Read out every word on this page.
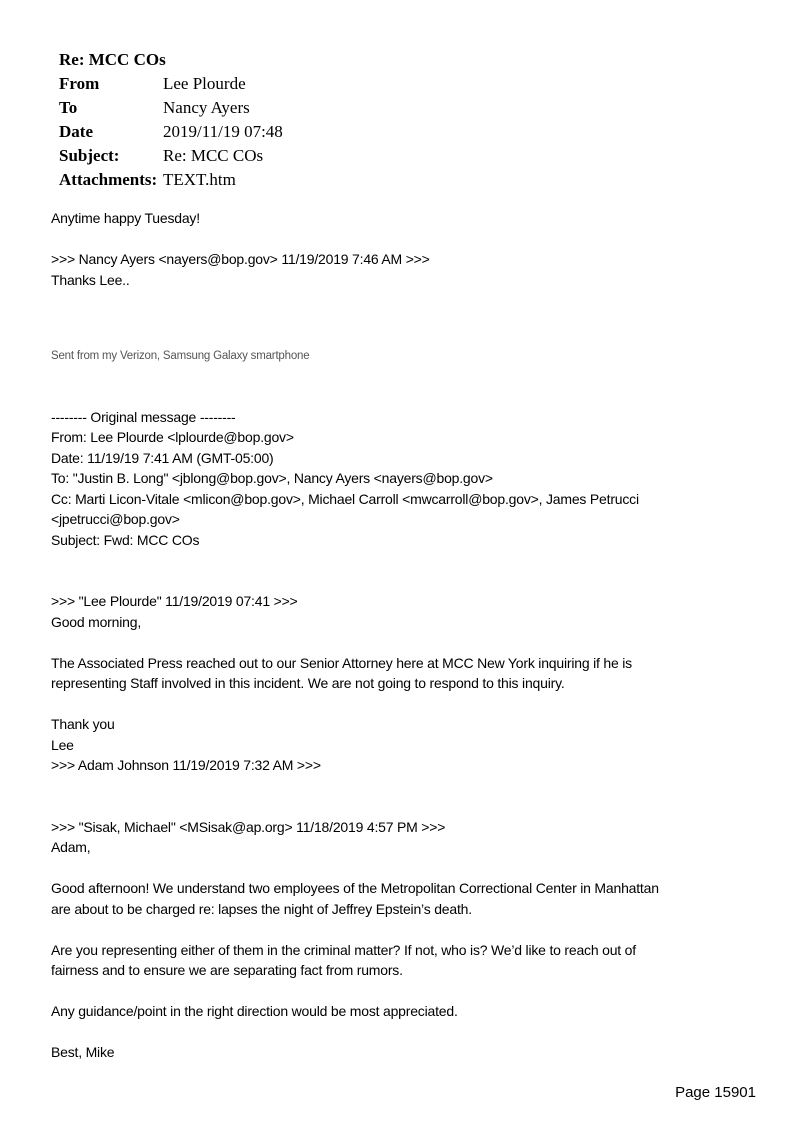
Re: MCC COs
From	Lee Plourde
To	Nancy Ayers
Date	2019/11/19 07:48
Subject:	Re: MCC COs
Attachments: TEXT.htm

Anytime happy Tuesday!

>>> Nancy Ayers <nayers@bop.gov> 11/19/2019 7:46 AM >>>

Thanks Lee..

Sent from my Verizon, Samsung Galaxy smartphone

-------- Original message --------

From: Lee Plourde <lplourde@bop.gov>

Date: 11/19/19 7:41 AM (GMT-05:00)

To: "Justin B. Long" <jblong@bop.gov>, Nancy Ayers <nayers@bop.gov>

Cc: Marti Licon-Vitale <mlicon@bop.gov>, Michael Carroll <mwcarroll@bop.gov>, James Petrucci

<jpetrucci@bop.gov>

Subject: Fwd: MCC COs

>>> "Lee Plourde" 11/19/2019 07:41 >>>

Good morning,

The Associated Press reached out to our Senior Attorney here at MCC New York inquiring if he is

representing Staff involved in this incident. We are not going to respond to this inquiry.

Thank you

Lee

>>> Adam Johnson 11/19/2019 7:32 AM >>>

>>> "Sisak, Michael" <MSisak@ap.org> 11/18/2019 4:57 PM >>>

Adam,

Good afternoon! We understand two employees of the Metropolitan Correctional Center in Manhattan

are about to be charged re: lapses the night of Jeffrey Epstein’s death.

Are you representing either of them in the criminal matter? If not, who is? We’d like to reach out of

fairness and to ensure we are separating fact from rumors.

Any guidance/point in the right direction would be most appreciated.

Best, Mike

Page 15901
